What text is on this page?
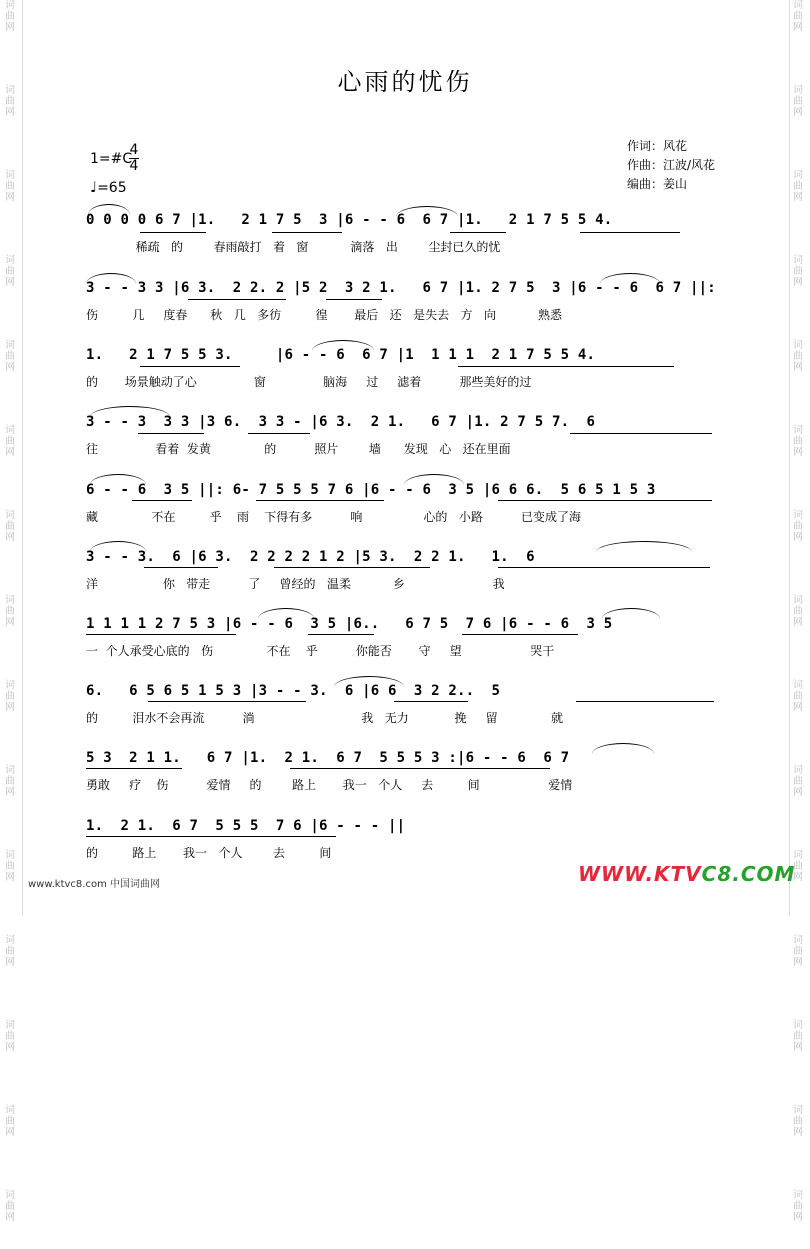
词
曲
网
词
曲
网
词
曲
网
词
曲
网
词
曲
网
词
曲
网
词
曲
网
词
曲
网
词
曲
网
词
曲
网
词
曲
网
词
曲
网
词
曲
网
词
曲
网
词
曲
网
词
曲
网
词
曲
网
词
曲
网
词
曲
网
词
曲
网
词
曲
网
词
曲
网
词
曲
网
词
曲
网
词
曲
网
词
曲
网
词
曲
网
词
曲
网
词
曲
网
词
曲
网
心雨的忧伤
1=#C
4
4
♩=65
作词：风花
作曲：江波/风花
编曲：姜山
0 0 0 0 6 7 |1.   2 1 7 5  3 |6 - - 6  6 7 |1.   2 1 7 5 5 4.
稀疏   的        春雨敲打   着   窗           滴落   出        尘封已久的忧
3 - - 3 3 |6 3.  2 2. 2 |5 2  3 2 1.   6 7 |1. 2 7 5  3 |6 - - 6  6 7 ||:
伤         几     度春      秋   几   多彷         徨       最后   还   是失去   方   向           熟悉
1.   2 1 7 5 5 3.     |6 - - 6  6 7 |1  1 1 1  2 1 7 5 5 4.
的       场景触动了心               窗               脑海     过     滤着          那些美好的过
3 - - 3  3 3 |3 6.  3 3 - |6 3.  2 1.   6 7 |1. 2 7 5 7.  6
往               看着  发黄              的          照片        墙      发现   心   还在里面
6 - - 6  3 5 ||: 6- 7 5 5 5 7 6 |6 - - 6  3 5 |6 6 6.  5 6 5 1 5 3
藏              不在         乎    雨    下得有多          响                心的   小路          已变成了海
3 - - 3.  6 |6 3.  2 2 2 2 1 2 |5 3.  2 2 1.   1.  6
洋                 你   带走          了     曾经的   温柔           乡                       我
1 1 1 1 2 7 5 3 |6 - - 6  3 5 |6..   6 7 5  7 6 |6 - - 6  3 5
一  个人承受心底的   伤              不在    乎          你能否       守     望                  哭干
6.   6 5 6 5 1 5 3 |3 - - 3.  6 |6 6  3 2 2..  5
的         泪水不会再流          淌                            我   无力            挽     留              就
5 3  2 1 1.   6 7 |1.  2 1.  6 7  5 5 5 3 :|6 - - 6  6 7
勇敢     疗    伤          爱情     的        路上       我一   个人     去         间                  爱情
1.  2 1.  6 7  5 5 5  7 6 |6 - - - ||
的         路上       我一   个人        去         间
www.ktvc8.com 中国词曲网	WWW.KTVC8.COM
